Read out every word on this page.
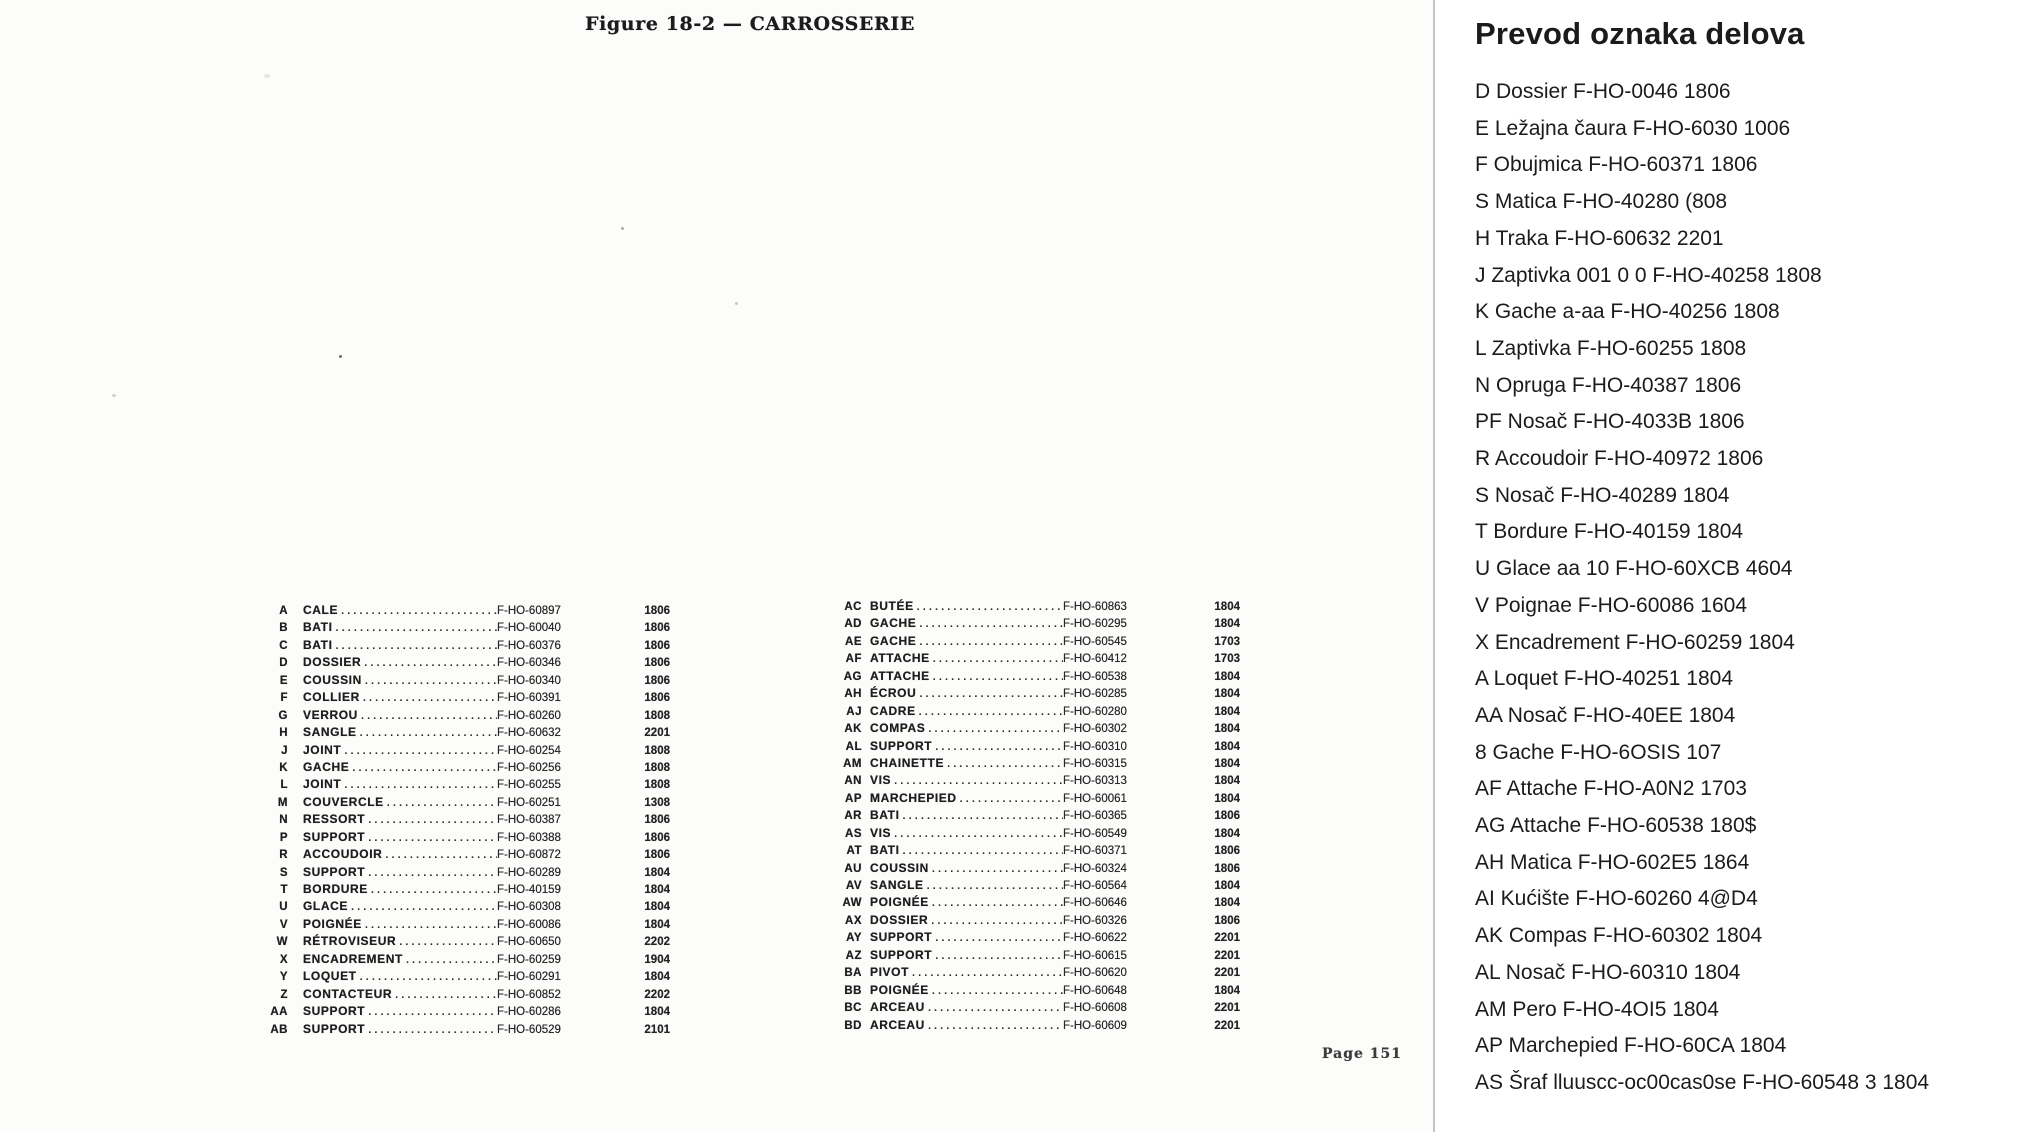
Figure 18-2 — CARROSSERIE
A CALE . . .	F-HO-60897	1806
B BATI . . .	F-HO-60040	1806
C BATI . . .	F-HO-60376	1806
D DOSSIER . . .	F-HO-60346	1806
E COUSSIN . . .	F-HO-60340	1806
F COLLIER . . .	F-HO-60391	1806
G VERROU . . .	F-HO-60260	1808
H SANGLE . . .	F-HO-60632	2201
J JOINT . . .	F-HO-60254	1808
K GACHE . . .	F-HO-60256	1808
L JOINT . . .	F-HO-60255	1808
M COUVERCLE . . .	F-HO-60251	1308
N RESSORT . . .	F-HO-60387	1806
P SUPPORT . . .	F-HO-60388	1806
R ACCOUDOIR . . .	F-HO-60872	1806
S SUPPORT . . .	F-HO-60289	1804
T BORDURE . . .	F-HO-40159	1804
U GLACE . . .	F-HO-60308	1804
V POIGNÉE . . .	F-HO-60086	1804
W RÉTROVISEUR . . .	F-HO-60650	2202
X ENCADREMENT . . .	F-HO-60259	1904
Y LOQUET . . .	F-HO-60291	1804
Z CONTACTEUR . . .	F-HO-60852	2202
AA SUPPORT . . .	F-HO-60286	1804
AB SUPPORT . . .	F-HO-60529	2101
AC BUTÉE . . .	F-HO-60863	1804
AD GACHE . . .	F-HO-60295	1804
AE GACHE . . .	F-HO-60545	1703
AF ATTACHE . . .	F-HO-60412	1703
AG ATTACHE . . .	F-HO-60538	1804
AH ÉCROU . . .	F-HO-60285	1804
AJ CADRE . . .	F-HO-60280	1804
AK COMPAS . . .	F-HO-60302	1804
AL SUPPORT . . .	F-HO-60310	1804
AM CHAINETTE . . .	F-HO-60315	1804
AN VIS . . .	F-HO-60313	1804
AP MARCHEPIED . . .	F-HO-60061	1804
AR BATI . . .	F-HO-60365	1806
AS VIS . . .	F-HO-60549	1804
AT BATI . . .	F-HO-60371	1806
AU COUSSIN . . .	F-HO-60324	1806
AV SANGLE . . .	F-HO-60564	1804
AW POIGNÉE . . .	F-HO-60646	1804
AX DOSSIER . . .	F-HO-60326	1806
AY SUPPORT . . .	F-HO-60622	2201
AZ SUPPORT . . .	F-HO-60615	2201
BA PIVOT . . .	F-HO-60620	2201
BB POIGNÉE . . .	F-HO-60648	1804
BC ARCEAU . . .	F-HO-60608	2201
BD ARCEAU . . .	F-HO-60609	2201
Page 151
Prevod oznaka delova
D Dossier F-HO-0046 1806
E Ležajna čaura F-HO-6030 1006
F Obujmica F-HO-60371 1806
S Matica F-HO-40280 (808
H Traka F-HO-60632 2201
J Zaptivka 001 0 0 F-HO-40258 1808
K Gache a-aa F-HO-40256 1808
L Zaptivka F-HO-60255 1808
N Opruga F-HO-40387 1806
PF Nosač F-HO-4033B 1806
R Accoudoir F-HO-40972 1806
S Nosač F-HO-40289 1804
T Bordure F-HO-40159 1804
U Glace aa 10 F-HO-60XCB 4604
V Poignae F-HO-60086 1604
X Encadrement F-HO-60259 1804
A Loquet F-HO-40251 1804
AA Nosač F-HO-40EE 1804
8 Gache F-HO-6OSIS 107
AF Attache F-HO-A0N2 1703
AG Attache F-HO-60538 180$
AH Matica F-HO-602E5 1864
AI Kućište F-HO-60260 4@D4
AK Compas F-HO-60302 1804
AL Nosač F-HO-60310 1804
AM Pero F-HO-4OI5 1804
AP Marchepied F-HO-60CA 1804
AS Šraf lluuscc-oc00cas0se F-HO-60548 3 1804
